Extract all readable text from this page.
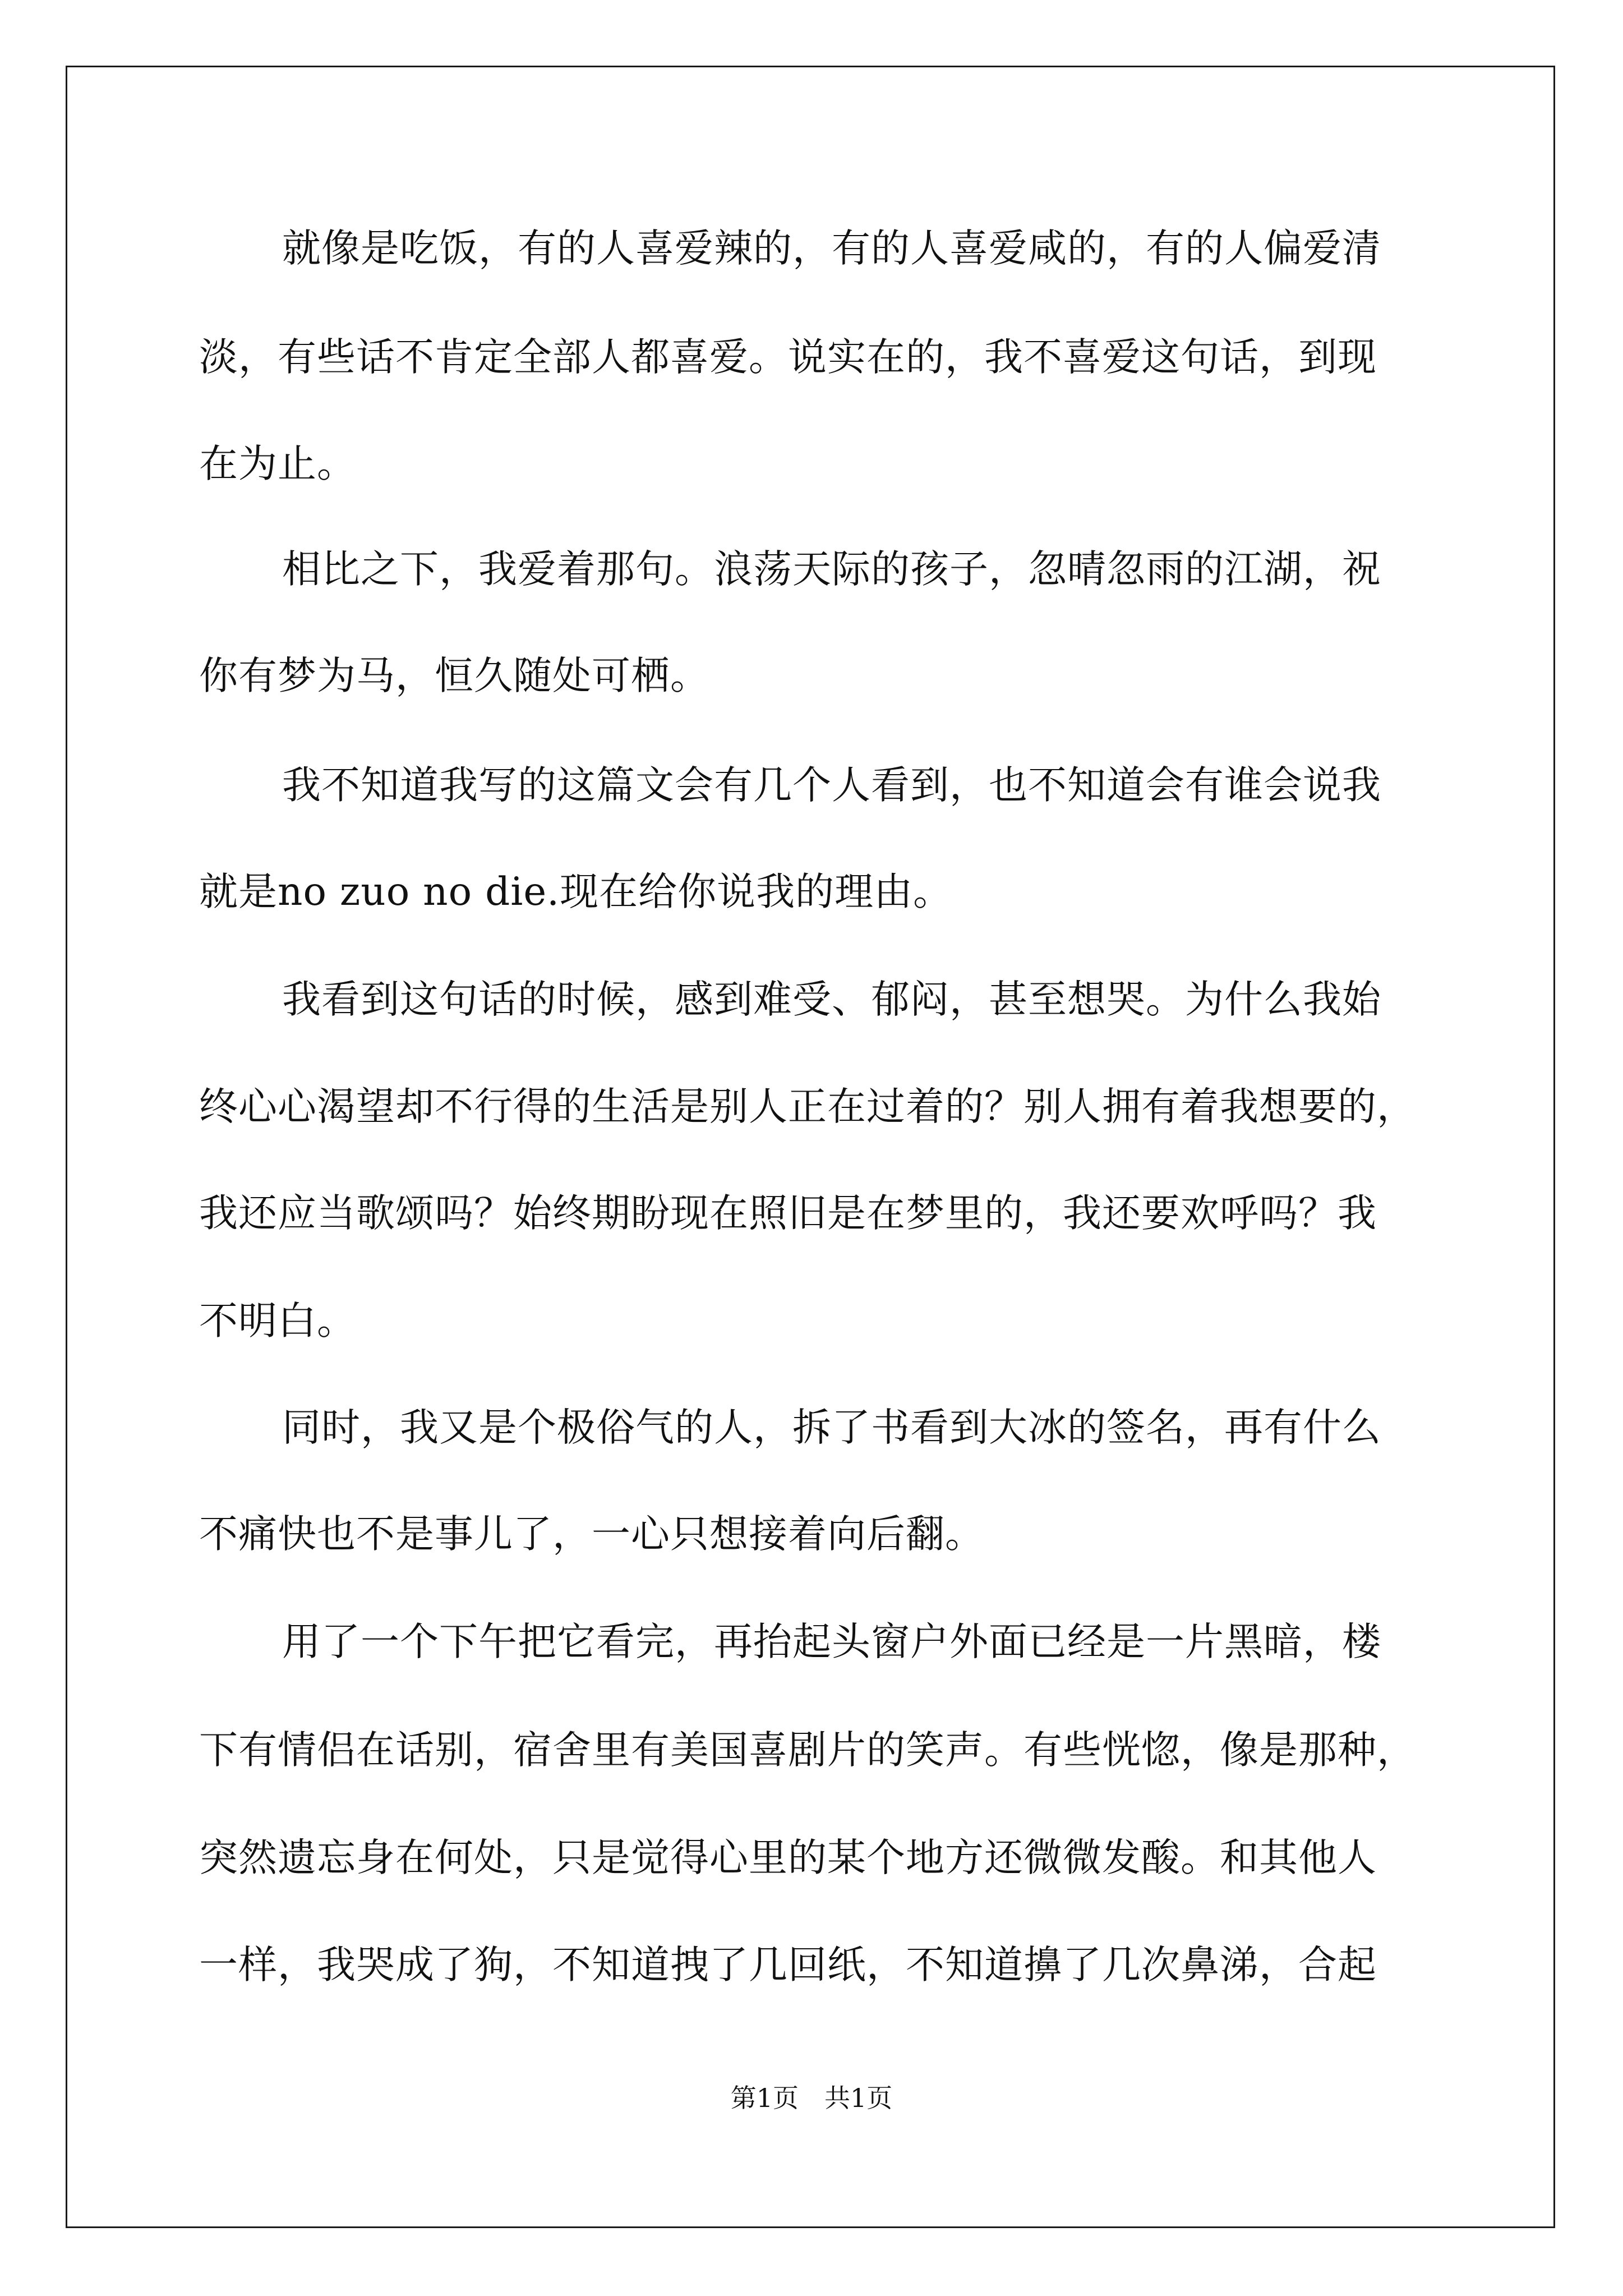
就像是吃饭，有的人喜爱辣的，有的人喜爱咸的，有的人偏爱清
淡，有些话不肯定全部人都喜爱。说实在的，我不喜爱这句话，到现
在为止。
相比之下，我爱着那句。浪荡天际的孩子，忽晴忽雨的江湖，祝
你有梦为马，恒久随处可栖。
我不知道我写的这篇文会有几个人看到，也不知道会有谁会说我
就是no zuo no die.现在给你说我的理由。
我看到这句话的时候，感到难受、郁闷，甚至想哭。为什么我始
终心心渴望却不行得的生活是别人正在过着的？别人拥有着我想要的，
我还应当歌颂吗？始终期盼现在照旧是在梦里的，我还要欢呼吗？我
不明白。
同时，我又是个极俗气的人，拆了书看到大冰的签名，再有什么
不痛快也不是事儿了，一心只想接着向后翻。
用了一个下午把它看完，再抬起头窗户外面已经是一片黑暗，楼
下有情侣在话别，宿舍里有美国喜剧片的笑声。有些恍惚，像是那种，
突然遗忘身在何处，只是觉得心里的某个地方还微微发酸。和其他人
一样，我哭成了狗，不知道拽了几回纸，不知道擤了几次鼻涕，合起
第1页　共1页
